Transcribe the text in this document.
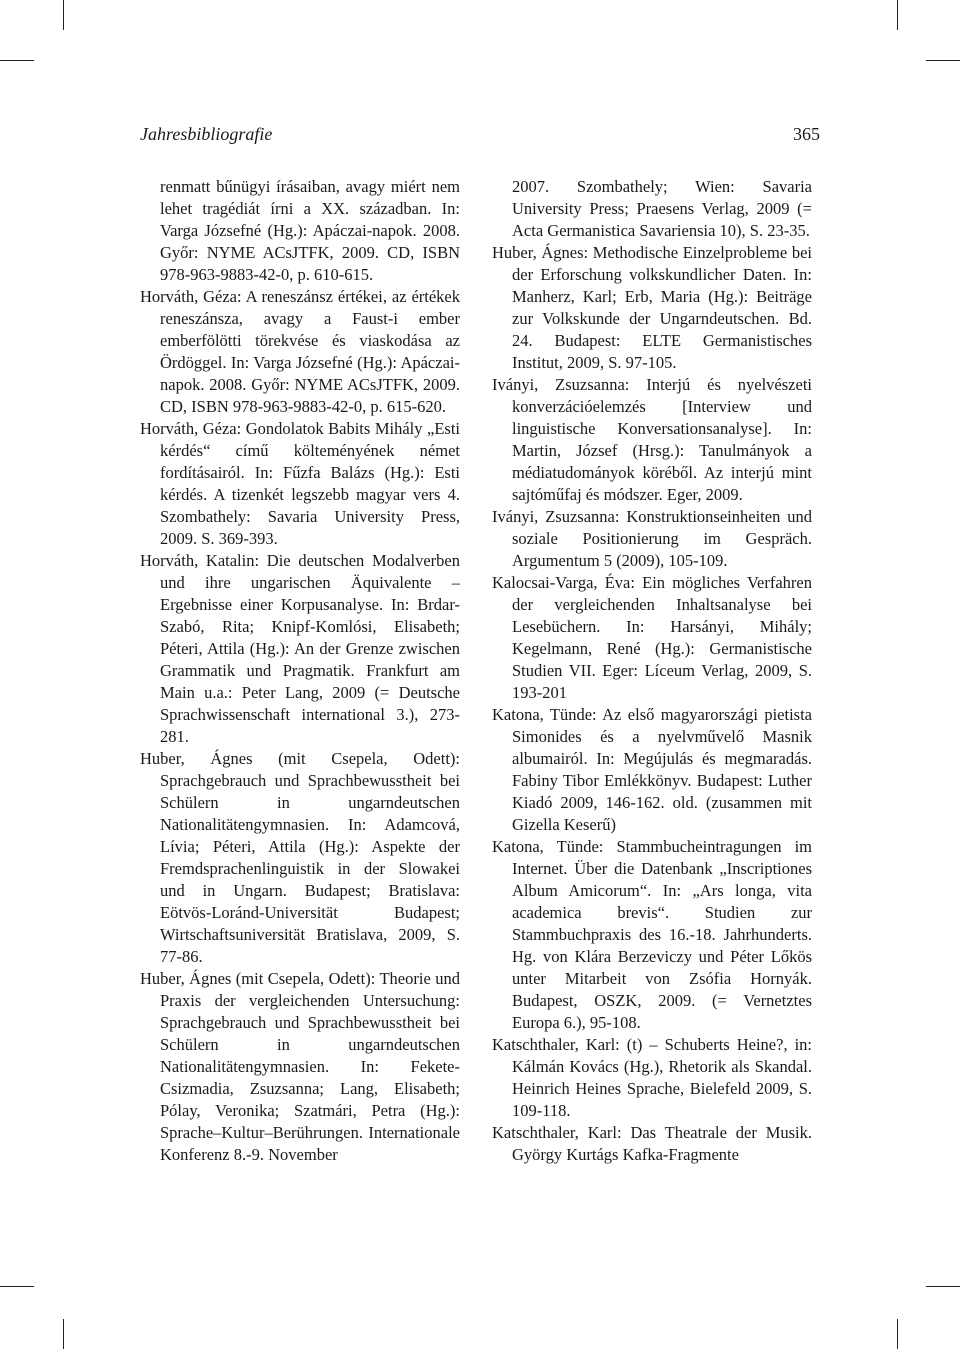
Jahresbibliografie	365

renmatt bűnügyi írásaiban, avagy miért nem lehet tragédiát írni a XX. században. In: Varga Józsefné (Hg.): Apáczai-napok. 2008. Győr: NYME ACsJTFK, 2009. CD, ISBN 978-963-9883-42-0, p. 610-615.

Horváth, Géza: A reneszánsz értékei, az értékek reneszánsza, avagy a Faust-i ember emberfölötti törekvése és viaskodása az Ördöggel. In: Varga Józsefné (Hg.): Apáczai-napok. 2008. Győr: NYME ACsJTFK, 2009. CD, ISBN 978-963-9883-42-0, p. 615-620.

Horváth, Géza: Gondolatok Babits Mihály „Esti kérdés“ című költeményének német fordításairól. In: Fűzfa Balázs (Hg.): Esti kérdés. A tizenkét legszebb magyar vers 4. Szombathely: Savaria University Press, 2009. S. 369-393.

Horváth, Katalin: Die deutschen Modalverben und ihre ungarischen Äquivalente – Ergebnisse einer Korpusanalyse. In: Brdar-Szabó, Rita; Knipf-Komlósi, Elisabeth; Péteri, Attila (Hg.): An der Grenze zwischen Grammatik und Pragmatik. Frankfurt am Main u.a.: Peter Lang, 2009 (= Deutsche Sprachwissenschaft international 3.), 273-281.

Huber, Ágnes (mit Csepela, Odett): Sprachgebrauch und Sprachbewusstheit bei Schülern in ungarndeutschen Nationalitätengymnasien. In: Adamcová, Lívia; Péteri, Attila (Hg.): Aspekte der Fremdsprachenlinguistik in der Slowakei und in Ungarn. Budapest; Bratislava: Eötvös-Loránd-Universität Budapest; Wirtschaftsuniversität Bratislava, 2009, S. 77-86.

Huber, Ágnes (mit Csepela, Odett): Theorie und Praxis der vergleichenden Untersuchung: Sprachgebrauch und Sprachbewusstheit bei Schülern in ungarndeutschen Nationalitätengymnasien. In: Fekete-Csizmadia, Zsuzsanna; Lang, Elisabeth; Pólay, Veronika; Szatmári, Petra (Hg.): Sprache–Kultur–Berührungen. Internationale Konferenz 8.-9. November

2007. Szombathely; Wien: Savaria University Press; Praesens Verlag, 2009 (= Acta Germanistica Savariensia 10), S. 23-35.

Huber, Ágnes: Methodische Einzelprobleme bei der Erforschung volkskundlicher Daten. In: Manherz, Karl; Erb, Maria (Hg.): Beiträge zur Volkskunde der Ungarndeutschen. Bd. 24. Budapest: ELTE Germanistisches Institut, 2009, S. 97-105.

Iványi, Zsuzsanna: Interjú és nyelvészeti konverzációelemzés [Interview und linguistische Konversationsanalyse]. In: Martin, József (Hrsg.): Tanulmányok a médiatudományok köréből. Az interjú mint sajtóműfaj és módszer. Eger, 2009.

Iványi, Zsuzsanna: Konstruktionseinheiten und soziale Positionierung im Gespräch. Argumentum 5 (2009), 105-109.

Kalocsai-Varga, Éva: Ein mögliches Verfahren der vergleichenden Inhaltsanalyse bei Lesebüchern. In: Harsányi, Mihály; Kegelmann, René (Hg.): Germanistische Studien VII. Eger: Líceum Verlag, 2009, S. 193-201

Katona, Tünde: Az első magyarországi pietista Simonides és a nyelvművelő Masnik albumairól. In: Megújulás és megmaradás. Fabiny Tibor Emlékkönyv. Budapest: Luther Kiadó 2009, 146-162. old. (zusammen mit Gizella Keserű)

Katona, Tünde: Stammbucheintragungen im Internet. Über die Datenbank „Inscriptiones Album Amicorum“. In: „Ars longa, vita academica brevis“. Studien zur Stammbuchpraxis des 16.-18. Jahrhunderts. Hg. von Klára Berzeviczy und Péter Lőkös unter Mitarbeit von Zsófia Hornyák. Budapest, OSZK, 2009. (= Vernetztes Europa 6.), 95-108.

Katschthaler, Karl: (t) – Schuberts Heine?, in: Kálmán Kovács (Hg.), Rhetorik als Skandal. Heinrich Heines Sprache, Bielefeld 2009, S. 109-118.

Katschthaler, Karl: Das Theatrale der Musik. György Kurtágs Kafka-Fragmente
